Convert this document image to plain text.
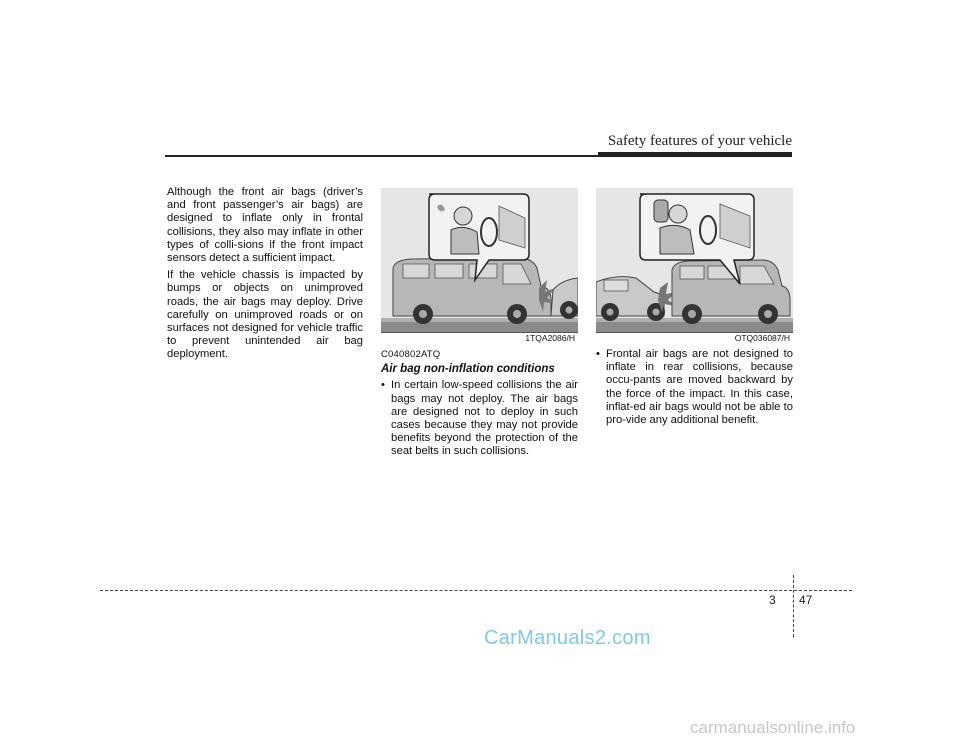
Safety features of your vehicle

Although the front air bags (driver’s and front passenger’s air bags) are designed to inflate only in frontal collisions, they also may inflate in other types of colli-sions if the front impact sensors detect a sufficient impact.

If the vehicle chassis is impacted by bumps or objects on unimproved roads, the air bags may deploy. Drive carefully on unimproved roads or on surfaces not designed for vehicle traffic to prevent unintended air bag deployment.

1TQA2086/H	OTQ036087/H
C040802ATQ
Air bag non-inflation conditions

• In certain low-speed collisions the air bags may not deploy. The air bags are designed not to deploy in such cases because they may not provide benefits beyond the protection of the seat belts in such collisions.

• Frontal air bags are not designed to inflate in rear collisions, because occu-pants are moved backward by the force of the impact. In this case, inflat-ed air bags would not be able to pro-vide any additional benefit.

3 47
CarManuals2.com
carmanualsonline.info
